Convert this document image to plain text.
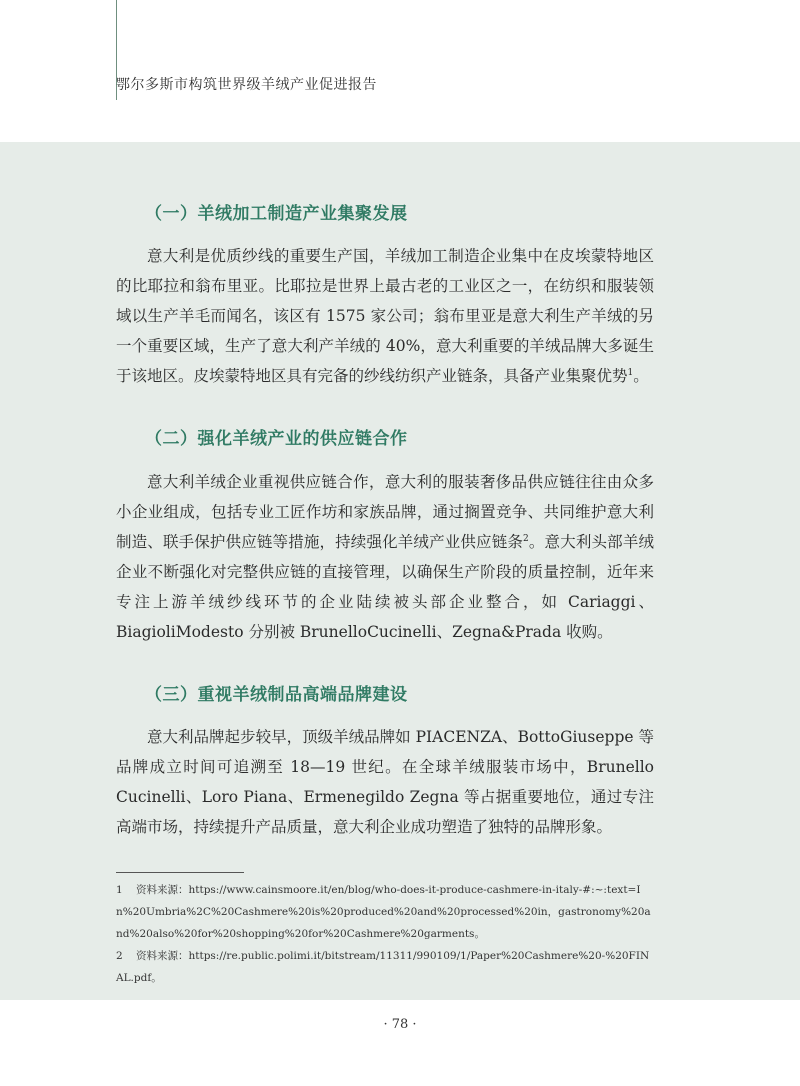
鄂尔多斯市构筑世界级羊绒产业促进报告
（一）羊绒加工制造产业集聚发展

意大利是优质纱线的重要生产国，羊绒加工制造企业集中在皮埃蒙特地区的比耶拉和翁布里亚。比耶拉是世界上最古老的工业区之一，在纺织和服装领域以生产羊毛而闻名，该区有 1575 家公司；翁布里亚是意大利生产羊绒的另一个重要区域，生产了意大利产羊绒的 40%，意大利重要的羊绒品牌大多诞生于该地区。皮埃蒙特地区具有完备的纱线纺织产业链条，具备产业集聚优势$^1$。

（二）强化羊绒产业的供应链合作

意大利羊绒企业重视供应链合作，意大利的服装奢侈品供应链往往由众多小企业组成，包括专业工匠作坊和家族品牌，通过搁置竞争、共同维护意大利制造、联手保护供应链等措施，持续强化羊绒产业供应链条$^2$。意大利头部羊绒企业不断强化对完整供应链的直接管理，以确保生产阶段的质量控制，近年来专注上游羊绒纱线环节的企业陆续被头部企业整合，如 Cariaggi、BiagioliModesto 分别被 BrunelloCucinelli、Zegna&Prada 收购。

（三）重视羊绒制品高端品牌建设

意大利品牌起步较早，顶级羊绒品牌如 PIACENZA、BottoGiuseppe 等品牌成立时间可追溯至 18—19 世纪。在全球羊绒服装市场中，Brunello Cucinelli、Loro Piana、Ermenegildo Zegna 等占据重要地位，通过专注高端市场，持续提升产品质量，意大利企业成功塑造了独特的品牌形象。

1 资料来源：https://www.cainsmoore.it/en/blog/who-does-it-produce-cashmere-in-italy-#:~:text=In%20Umbria%2C%20Cashmere%20is%20produced%20and%20processed%20in，gastronomy%20and%20also%20for%20shopping%20for%20Cashmere%20garments。

2 资料来源：https://re.public.polimi.it/bitstream/11311/990109/1/Paper%20Cashmere%20-%20FINAL.pdf。

· 78 ·
